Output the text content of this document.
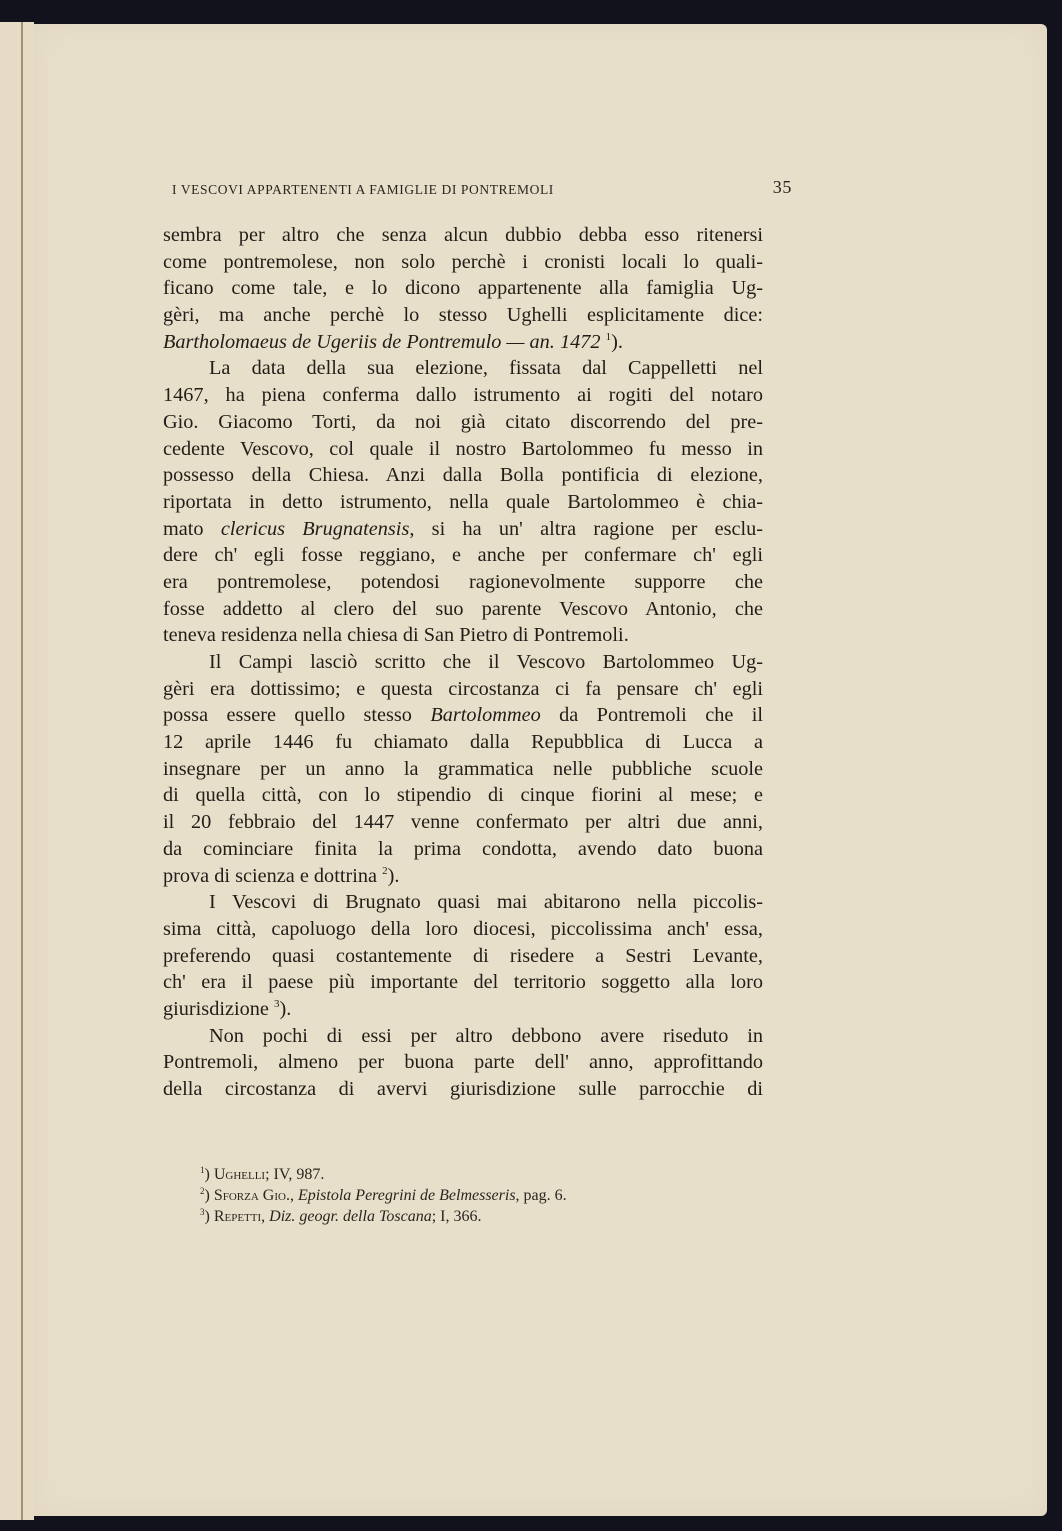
I VESCOVI APPARTENENTI A FAMIGLIE DI PONTREMOLI	35
sembra per altro che senza alcun dubbio debba esso ritenersi
come pontremolese, non solo perchè i cronisti locali lo quali-
ficano come tale, e lo dicono appartenente alla famiglia Ug-
gèri, ma anche perchè lo stesso Ughelli esplicitamente dice:
Bartholomaeus de Ugeriis de Pontremulo — an. 1472 $^1$).
La data della sua elezione, fissata dal Cappelletti nel
1467, ha piena conferma dallo istrumento ai rogiti del notaro
Gio. Giacomo Torti, da noi già citato discorrendo del pre-
cedente Vescovo, col quale il nostro Bartolommeo fu messo in
possesso della Chiesa. Anzi dalla Bolla pontificia di elezione,
riportata in detto istrumento, nella quale Bartolommeo è chia-
mato clericus Brugnatensis, si ha un' altra ragione per esclu-
dere ch' egli fosse reggiano, e anche per confermare ch' egli
era pontremolese, potendosi ragionevolmente supporre che
fosse addetto al clero del suo parente Vescovo Antonio, che
teneva residenza nella chiesa di San Pietro di Pontremoli.
Il Campi lasciò scritto che il Vescovo Bartolommeo Ug-
gèri era dottissimo; e questa circostanza ci fa pensare ch' egli
possa essere quello stesso Bartolommeo da Pontremoli che il
12 aprile 1446 fu chiamato dalla Repubblica di Lucca a
insegnare per un anno la grammatica nelle pubbliche scuole
di quella città, con lo stipendio di cinque fiorini al mese; e
il 20 febbraio del 1447 venne confermato per altri due anni,
da cominciare finita la prima condotta, avendo dato buona
prova di scienza e dottrina $^2$).
I Vescovi di Brugnato quasi mai abitarono nella piccolis-
sima città, capoluogo della loro diocesi, piccolissima anch' essa,
preferendo quasi costantemente di risedere a Sestri Levante,
ch' era il paese più importante del territorio soggetto alla loro
giurisdizione $^3$).
Non pochi di essi per altro debbono avere riseduto in
Pontremoli, almeno per buona parte dell' anno, approfittando
della circostanza di avervi giurisdizione sulle parrocchie di
$^1$) Ughelli; IV, 987.
$^2$) Sforza Gio., Epistola Peregrini de Belmesseris, pag. 6.
$^3$) Repetti, Diz. geogr. della Toscana; I, 366.
